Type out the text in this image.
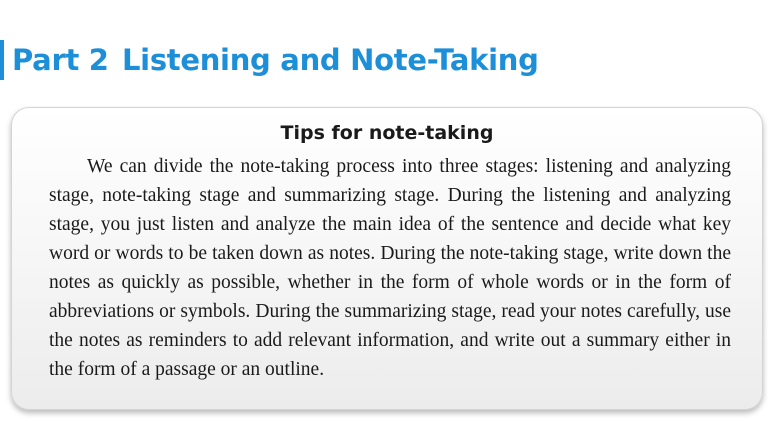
Part 2 Listening and Note-Taking
Tips for note-taking

We can divide the note-taking process into three stages: listening and analyzing stage, note-taking stage and summarizing stage. During the listening and analyzing stage, you just listen and analyze the main idea of the sentence and decide what key word or words to be taken down as notes. During the note-taking stage, write down the notes as quickly as possible, whether in the form of whole words or in the form of abbreviations or symbols. During the summarizing stage, read your notes carefully, use the notes as reminders to add relevant information, and write out a summary either in the form of a passage or an outline.
